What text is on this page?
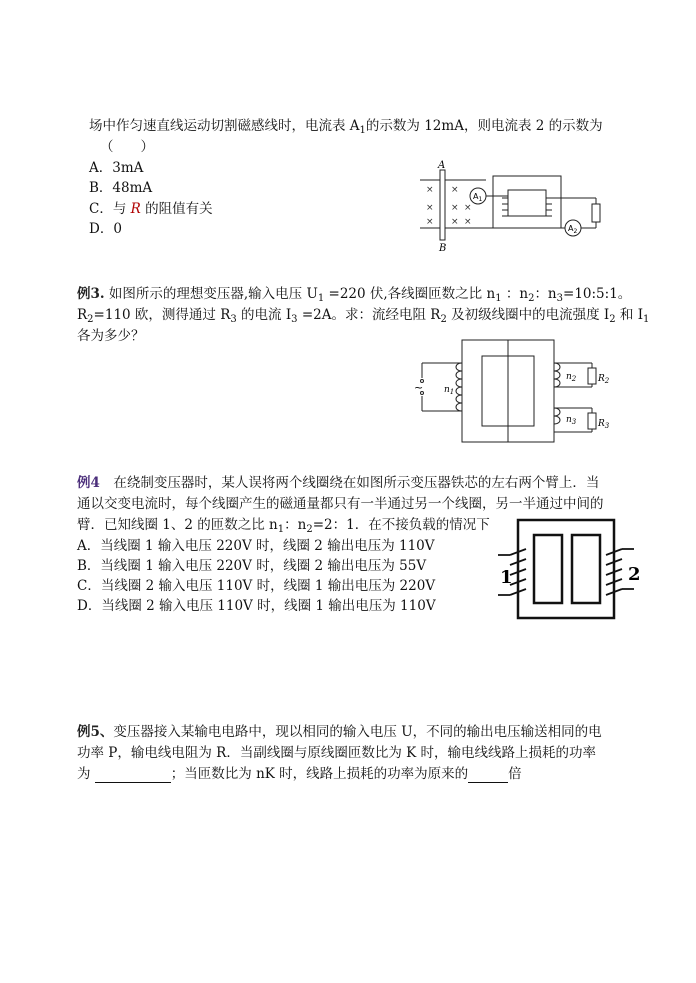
场中作匀速直线运动切割磁感线时，电流表 $A_1$的示数为 12mA，则电流表 2 的示数为
（　　）
A．3mA
B．48mA
C．与 R 的阻值有关
D．0
A
B
× ×
× × ×
× × ×
$A_1$
$A_2$
例3. 如图所示的理想变压器,输入电压 $U_1 =220$ 伏,各线圈匝数之比 $n_1$ ：$n_2$：$n_3=10:5:1$。
$R_2=110$ 欧，测得通过 $R_3$ 的电流 $I_3 =2A$。求：流经电阻 $R_2$ 及初级线圈中的电流强度 $I_2$ 和 $I_1$
各为多少？
~ $n_1$
$n_2$
$n_3$
$R_2$
$R_3$
例4　 在绕制变压器时，某人误将两个线圈绕在如图所示变压器铁芯的左右两个臂上．当
通以交变电流时，每个线圈产生的磁通量都只有一半通过另一个线圈，另一半通过中间的
臂．已知线圈 1、2 的匝数之比 $n_1$：$n_2=2$：1．在不接负载的情况下
A．当线圈 1 输入电压 220V 时，线圈 2 输出电压为 110V
B．当线圈 1 输入电压 220V 时，线圈 2 输出电压为 55V
C．当线圈 2 输入电压 110V 时，线圈 1 输出电压为 220V
D．当线圈 2 输入电压 110V 时，线圈 1 输出电压为 110V
1	2
例5、变压器接入某输电电路中，现以相同的输入电压 U，不同的输出电压输送相同的电
功率 P，输电线电阻为 R．当副线圈与原线圈匝数比为 K 时，输电线线路上损耗的功率
为	；当匝数比为 nK 时，线路上损耗的功率为原来的	倍
